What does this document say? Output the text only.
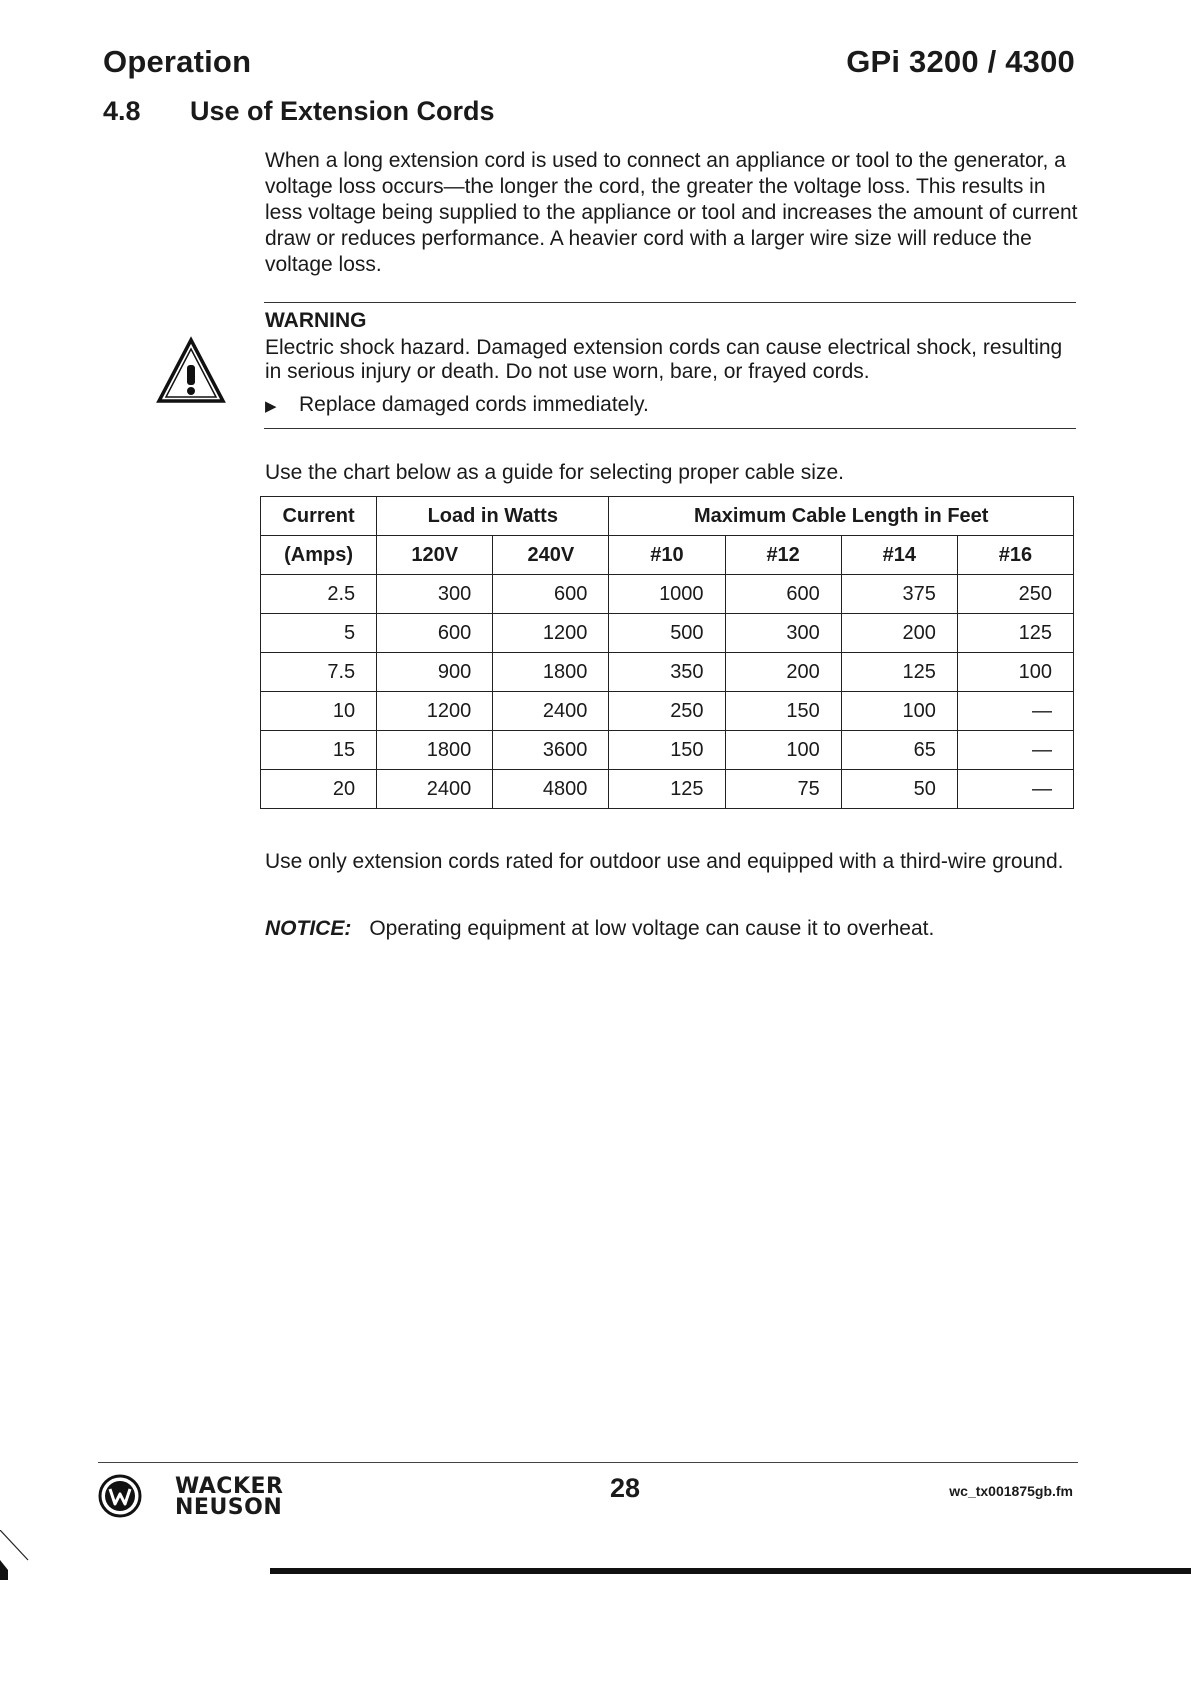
Operation	GPi 3200 / 4300
4.8 Use of Extension Cords
When a long extension cord is used to connect an appliance or tool to the generator, a voltage loss occurs—the longer the cord, the greater the voltage loss. This results in less voltage being supplied to the appliance or tool and increases the amount of current draw or reduces performance. A heavier cord with a larger wire size will reduce the voltage loss.
WARNING
Electric shock hazard. Damaged extension cords can cause electrical shock, resulting in serious injury or death. Do not use worn, bare, or frayed cords.
▶ Replace damaged cords immediately.
Use the chart below as a guide for selecting proper cable size.
Current	Load in Watts		Maximum Cable Length in Feet			
(Amps)	120V	240V	#10	#12	#14	#16
2.5	300	600	1000	600	375	250
5	600	1200	500	300	200	125
7.5	900	1800	350	200	125	100
10	1200	2400	250	150	100	—
15	1800	3600	150	100	65	—
20	2400	4800	125	75	50	—
Use only extension cords rated for outdoor use and equipped with a third-wire ground.
NOTICE: Operating equipment at low voltage can cause it to overheat.
WACKER
NEUSON
28	wc_tx001875gb.fm
